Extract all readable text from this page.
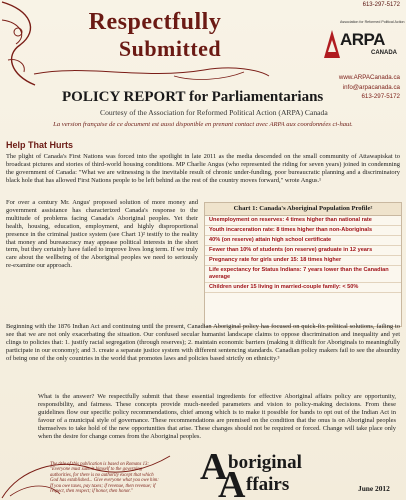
Respectfully
Submitted
613-297-5172
Association for Reformed Political Action
ARPA
CANADA
www.ARPACanada.ca
info@arpacanada.ca
613-297-5172
POLICY REPORT for Parliamentarians
Courtesy of the Association for Reformed Political Action (ARPA) Canada
La version française de ce document est aussi disponible en prenant contact avec ARPA aux coordonnées ci-haut.
Help That Hurts
The plight of Canada's First Nations was forced into the spotlight in late 2011 as the media descended on the small community of Attawapiskat to broadcast pictures and stories of third-world housing conditions. MP Charlie Angus (who represented the riding for seven years) joined in condemning the government of Canada: "What we are witnessing is the inevitable result of chronic under-funding, poor bureaucratic planning and a discriminatory black hole that has allowed First Nations people to be left behind as the rest of the country moves forward," wrote Angus.¹
For over a century Mr. Angus' proposed solution of more money and government assistance has characterized Canada's response to the multitude of problems facing Canada's Aboriginal peoples. Yet their health, housing, education, employment, and highly disproportional presence in the criminal justice system (see Chart 1)² testify to the reality that money and bureaucracy may appease political interests in the short term, but they certainly have failed to improve lives long term. If we truly care about the wellbeing of the Aboriginal peoples we need to seriously re-examine our approach.
Chart 1: Canada's Aboriginal Population Profile²
Unemployment on reserves: 4 times higher than national rate
Youth incarceration rate: 8 times higher than non-Aboriginals
40% (on reserve) attain high school certificate
Fewer than 10% of students (on reserve) graduate in 12 years
Pregnancy rate for girls under 15: 18 times higher
Life expectancy for Status Indians: 7 years lower than the Canadian average
Children under 15 living in married-couple family: < 50%
Beginning with the 1876 Indian Act and continuing until the present, Canadian Aboriginal policy has focused on quick-fix political solutions, failing to see that we are not only exacerbating the situation. Our confused secular humanist landscape claims to oppose discrimination and inequality and yet clings to policies that: 1. justify racial segregation (through reserves); 2. maintain economic barriers (making it difficult for Aboriginals to meaningfully participate in our economy); and 3. create a separate justice system with different sentencing standards. Canadian policy makers fail to see the absurdity of being one of the only countries in the world that promotes laws and policies based strictly on ethnicity.³
What is the answer? We respectfully submit that these essential ingredients for effective Aboriginal affairs policy are opportunity, responsibility, and fairness. These concepts provide much-needed parameters and vision to policy-making decisions. From these guidelines flow our specific policy recommendations, chief among which is to make it possible for bands to opt out of the Indian Act in favour of a municipal style of governance. These recommendations are premised on the condition that the onus is on Aboriginal peoples themselves to take hold of the new opportunities that arise. These changes should not be required or forced. Change will take place only when the desire for change comes from the Aboriginal peoples.
The title of this publication is based on Romans 13: "Everyone must submit himself to the governing authorities, for there is no authority except that which God has established... Give everyone what you owe him: If you owe taxes, pay taxes; if revenue, then revenue; if respect, then respect; if honor, then honor."
A boriginal
A ffairs	June 2012
